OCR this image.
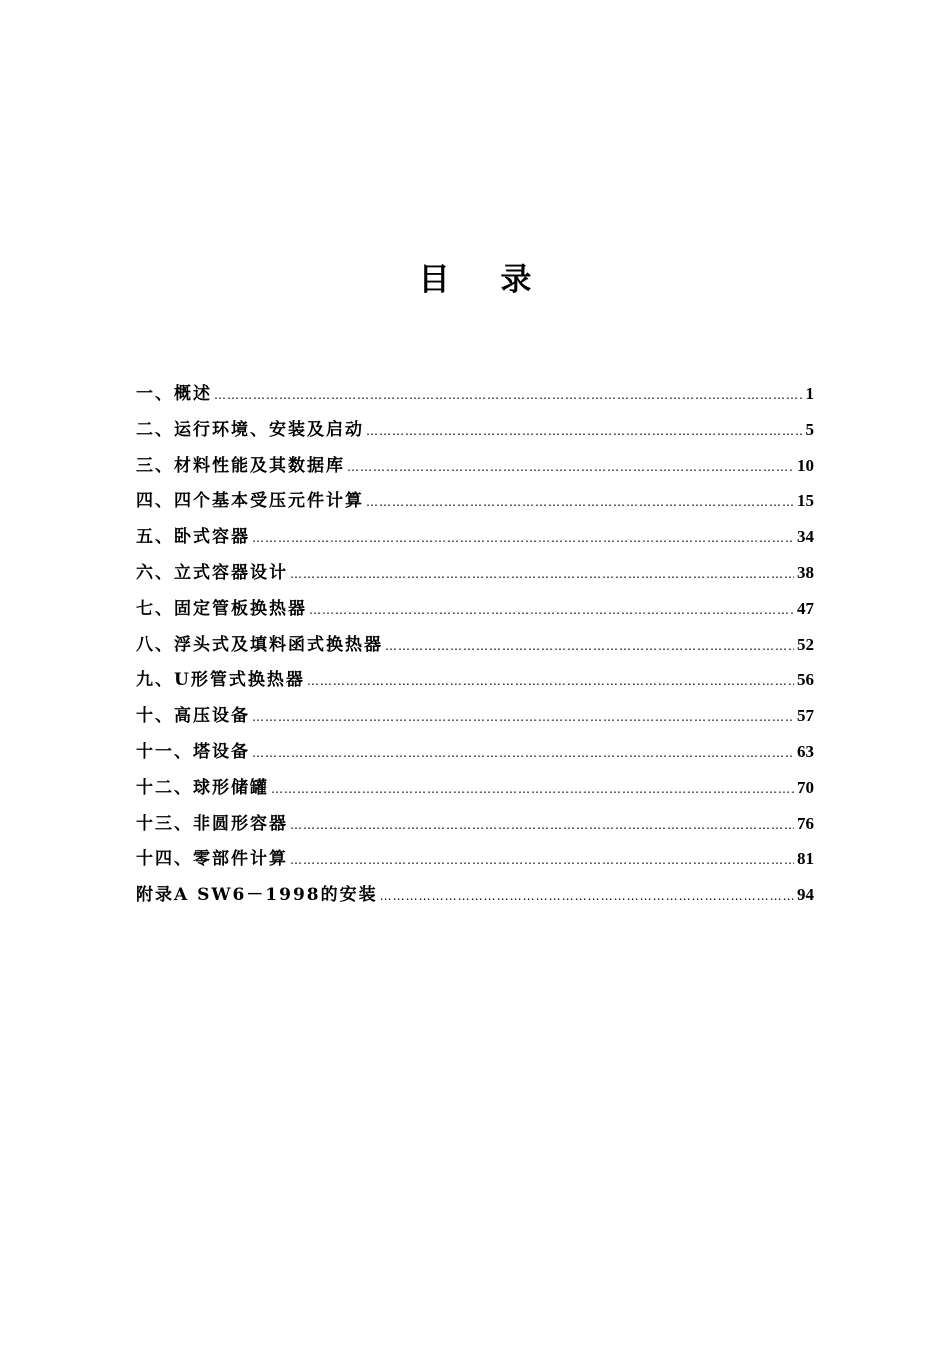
目 录
一、概述 …………………………………………………………………………………………………………………………………………………………………………………………………………	1
二、运行环境、安装及启动 …………………………………………………………………………………………………………………………………………………………………………………………………………	5
三、材料性能及其数据库 …………………………………………………………………………………………………………………………………………………………………………………………………………	10
四、四个基本受压元件计算 …………………………………………………………………………………………………………………………………………………………………………………………………………	15
五、卧式容器 …………………………………………………………………………………………………………………………………………………………………………………………………………	34
六、立式容器设计 …………………………………………………………………………………………………………………………………………………………………………………………………………	38
七、固定管板换热器 …………………………………………………………………………………………………………………………………………………………………………………………………………	47
八、浮头式及填料函式换热器 …………………………………………………………………………………………………………………………………………………………………………………………………………	52
九、U形管式换热器 …………………………………………………………………………………………………………………………………………………………………………………………………………	56
十、高压设备 …………………………………………………………………………………………………………………………………………………………………………………………………………	57
十一、塔设备 …………………………………………………………………………………………………………………………………………………………………………………………………………	63
十二、球形储罐 …………………………………………………………………………………………………………………………………………………………………………………………………………	70
十三、非圆形容器 …………………………………………………………………………………………………………………………………………………………………………………………………………	76
十四、零部件计算 …………………………………………………………………………………………………………………………………………………………………………………………………………	81
附录A SW6－1998的安装 …………………………………………………………………………………………………………………………………………………………………………………………………………	94
